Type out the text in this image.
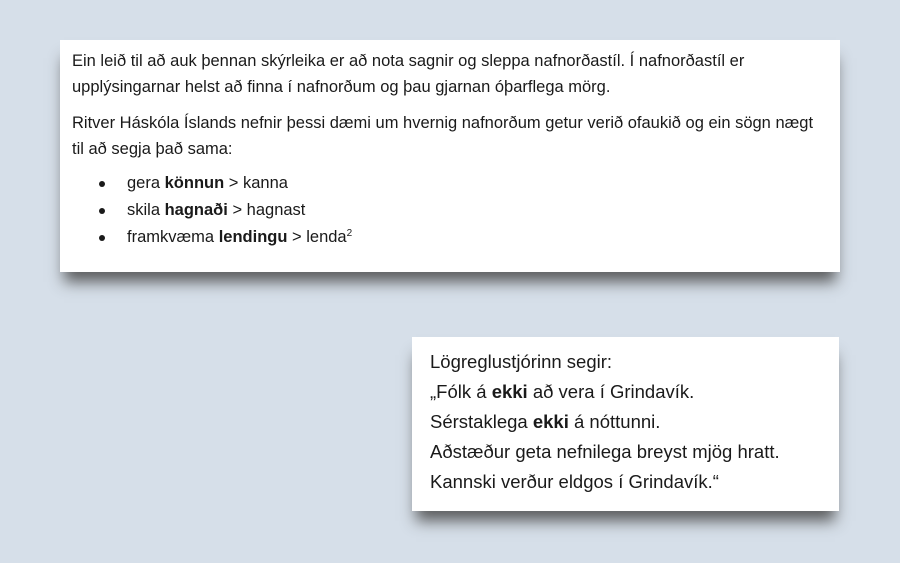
Ein leið til að auk þennan skýrleika er að nota sagnir og sleppa nafnorðastíl. Í nafnorðastíl er upplýsingarnar helst að finna í nafnorðum og þau gjarnan óþarflega mörg.

Ritver Háskóla Íslands nefnir þessi dæmi um hvernig nafnorðum getur verið ofaukið og ein sögn nægt til að segja það sama:

gera könnun > kanna
skila hagnaði > hagnast
framkvæma lendingu > lenda$^2$
Lögreglustjórinn segir:
„Fólk á ekki að vera í Grindavík.
Sérstaklega ekki á nóttunni.
Aðstæður geta nefnilega breyst mjög hratt.
Kannski verður eldgos í Grindavík.“
